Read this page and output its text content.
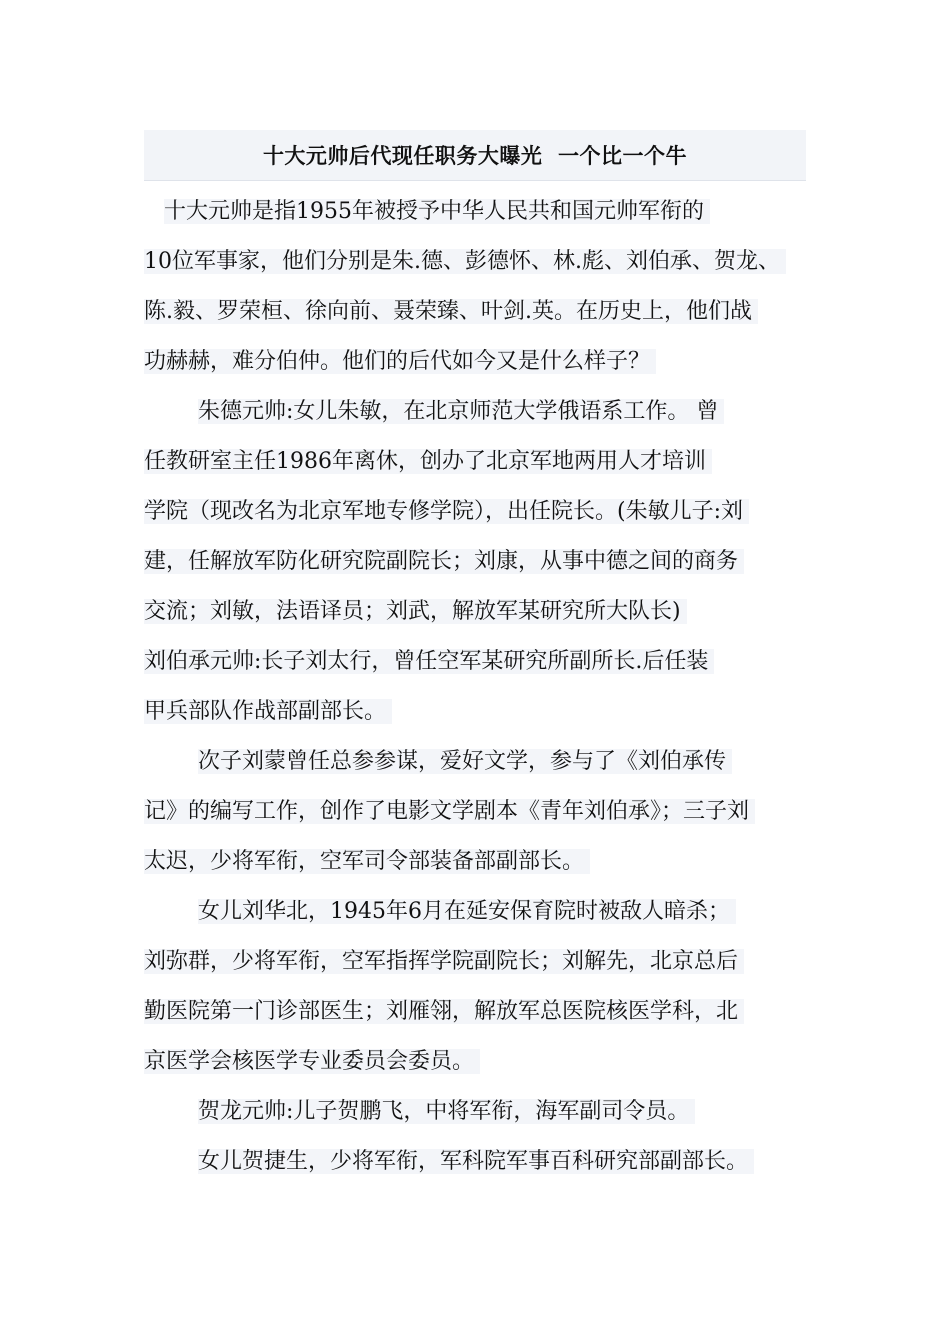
十大元帅后代现任职务大曝光  一个比一个牛
十大元帅是指1955年被授予中华人民共和国元帅军衔的
10位军事家，他们分别是朱.德、彭德怀、林.彪、刘伯承、贺龙、
陈.毅、罗荣桓、徐向前、聂荣臻、叶剑.英。在历史上，他们战
功赫赫，难分伯仲。他们的后代如今又是什么样子？
朱德元帅:女儿朱敏，在北京师范大学俄语系工作。 曾
任教研室主任1986年离休，创办了北京军地两用人才培训
学院（现改名为北京军地专修学院），出任院长。(朱敏儿子:刘
建，任解放军防化研究院副院长；刘康，从事中德之间的商务
交流；刘敏，法语译员；刘武，解放军某研究所大队长)
刘伯承元帅:长子刘太行，曾任空军某研究所副所长.后任装
甲兵部队作战部副部长。
次子刘蒙曾任总参参谋，爱好文学，参与了《刘伯承传
记》的编写工作，创作了电影文学剧本《青年刘伯承》；三子刘
太迟，少将军衔，空军司令部装备部副部长。
女儿刘华北，1945年6月在延安保育院时被敌人暗杀；
刘弥群，少将军衔，空军指挥学院副院长；刘解先，北京总后
勤医院第一门诊部医生；刘雁翎，解放军总医院核医学科，北
京医学会核医学专业委员会委员。
贺龙元帅:儿子贺鹏飞，中将军衔，海军副司令员。
女儿贺捷生，少将军衔，军科院军事百科研究部副部长。
